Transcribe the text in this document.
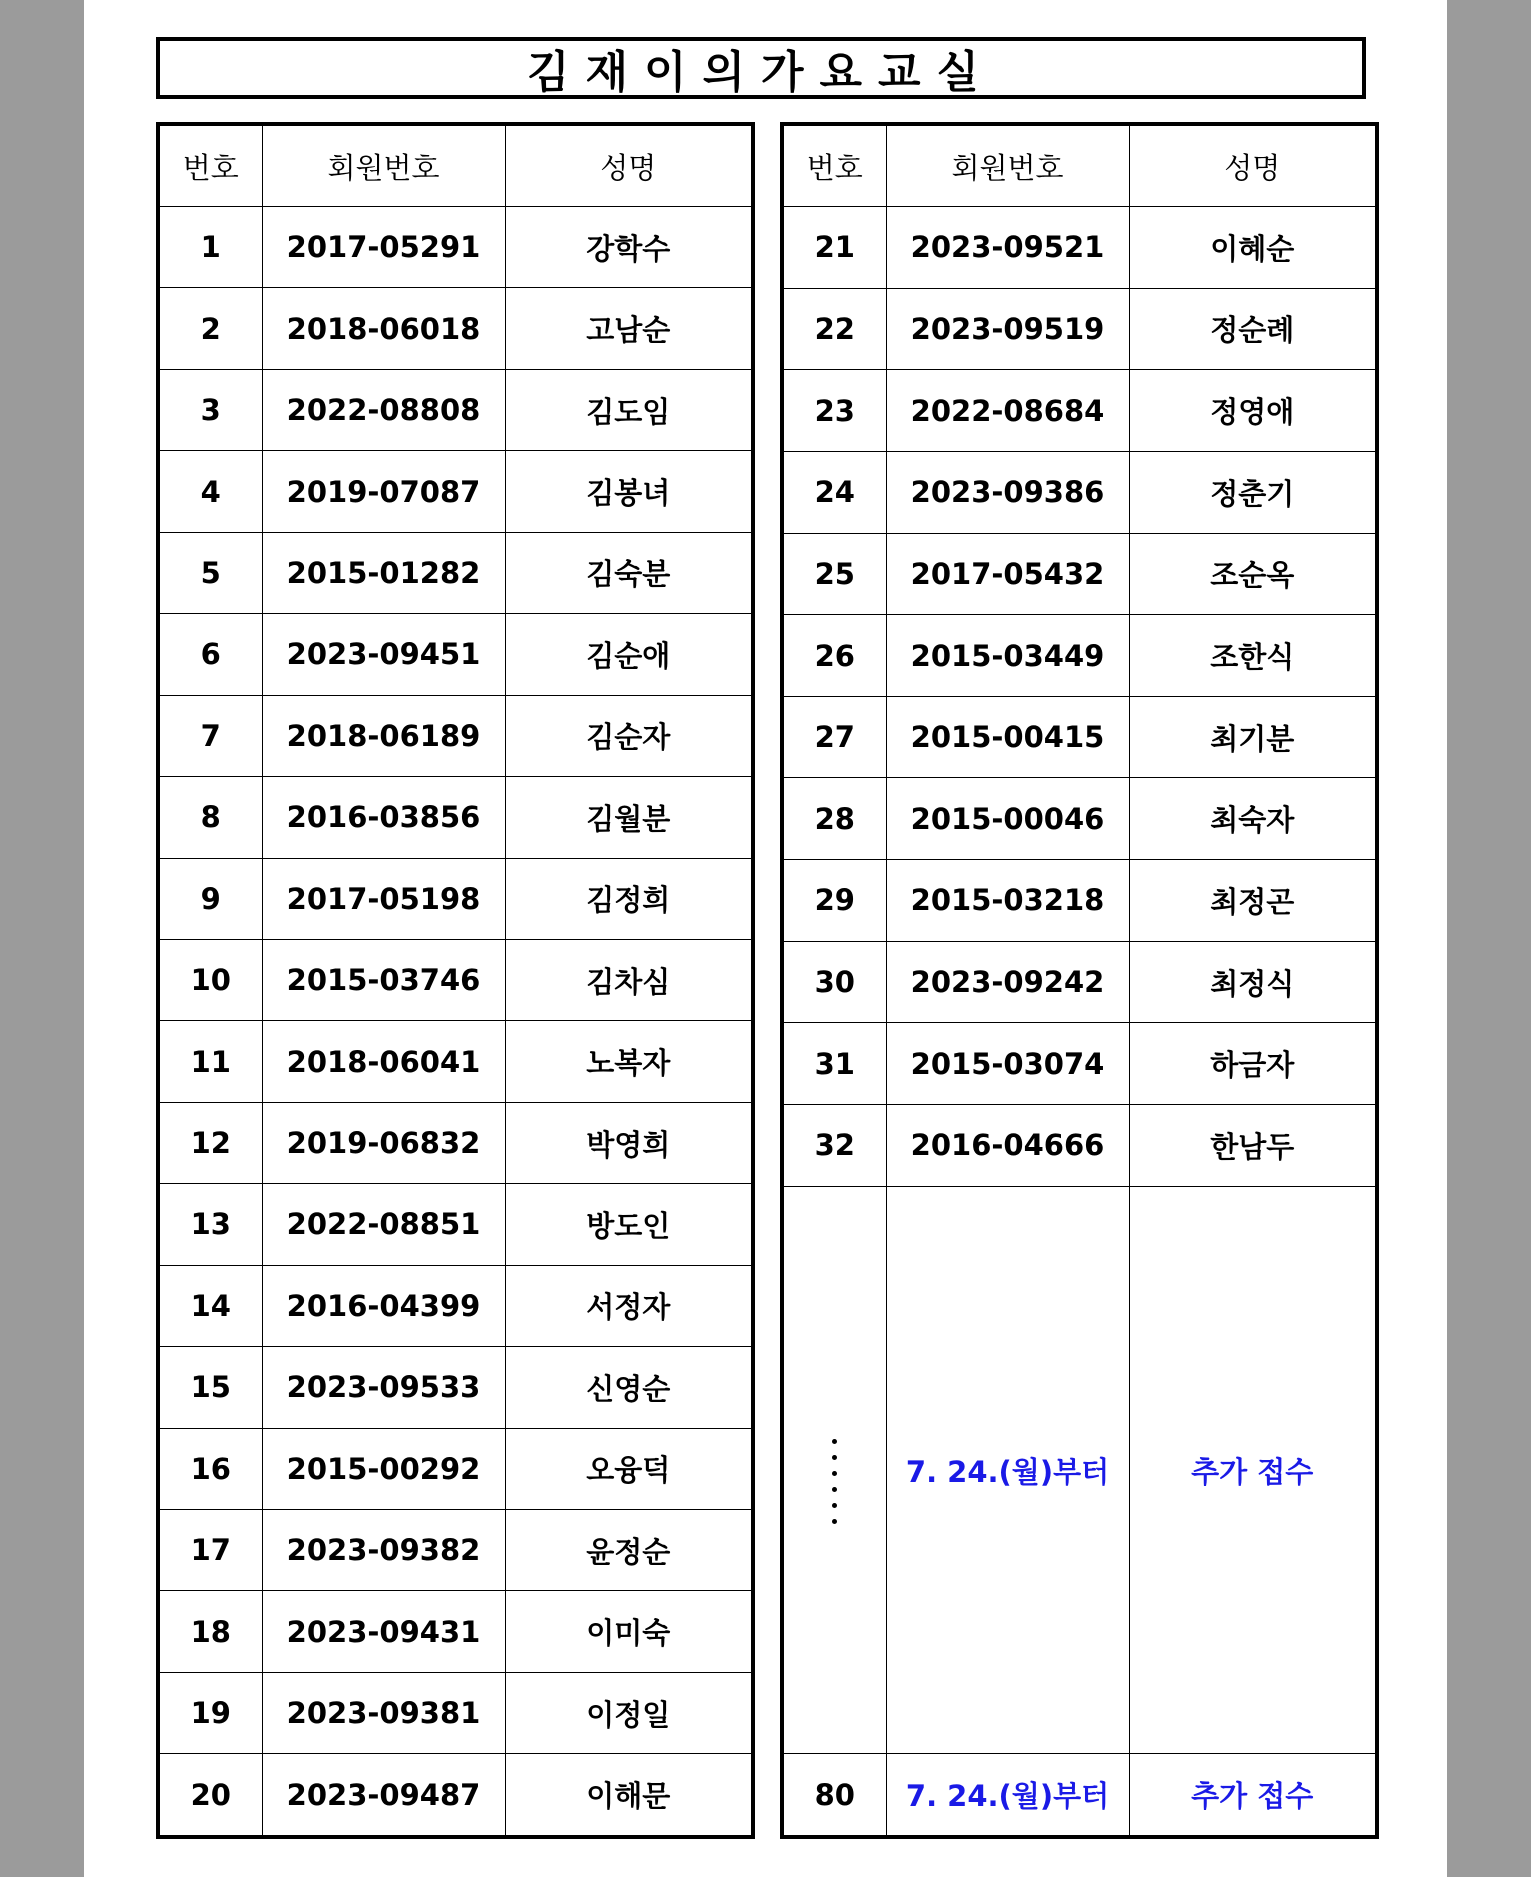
김재이의가요교실
번호	회원번호	성명
1	2017-05291	강학수
2	2018-06018	고남순
3	2022-08808	김도임
4	2019-07087	김봉녀
5	2015-01282	김숙분
6	2023-09451	김순애
7	2018-06189	김순자
8	2016-03856	김월분
9	2017-05198	김정희
10	2015-03746	김차심
11	2018-06041	노복자
12	2019-06832	박영희
13	2022-08851	방도인
14	2016-04399	서정자
15	2023-09533	신영순
16	2015-00292	오융덕
17	2023-09382	윤정순
18	2023-09431	이미숙
19	2023-09381	이정일
20	2023-09487	이해문
번호	회원번호	성명
21	2023-09521	이혜순
22	2023-09519	정순례
23	2022-08684	정영애
24	2023-09386	정춘기
25	2017-05432	조순옥
26	2015-03449	조한식
27	2015-00415	최기분
28	2015-00046	최숙자
29	2015-03218	최정곤
30	2023-09242	최정식
31	2015-03074	하금자
32	2016-04666	한남두

	7. 24.(월)부터	추가 접수
80	7. 24.(월)부터	추가 접수
